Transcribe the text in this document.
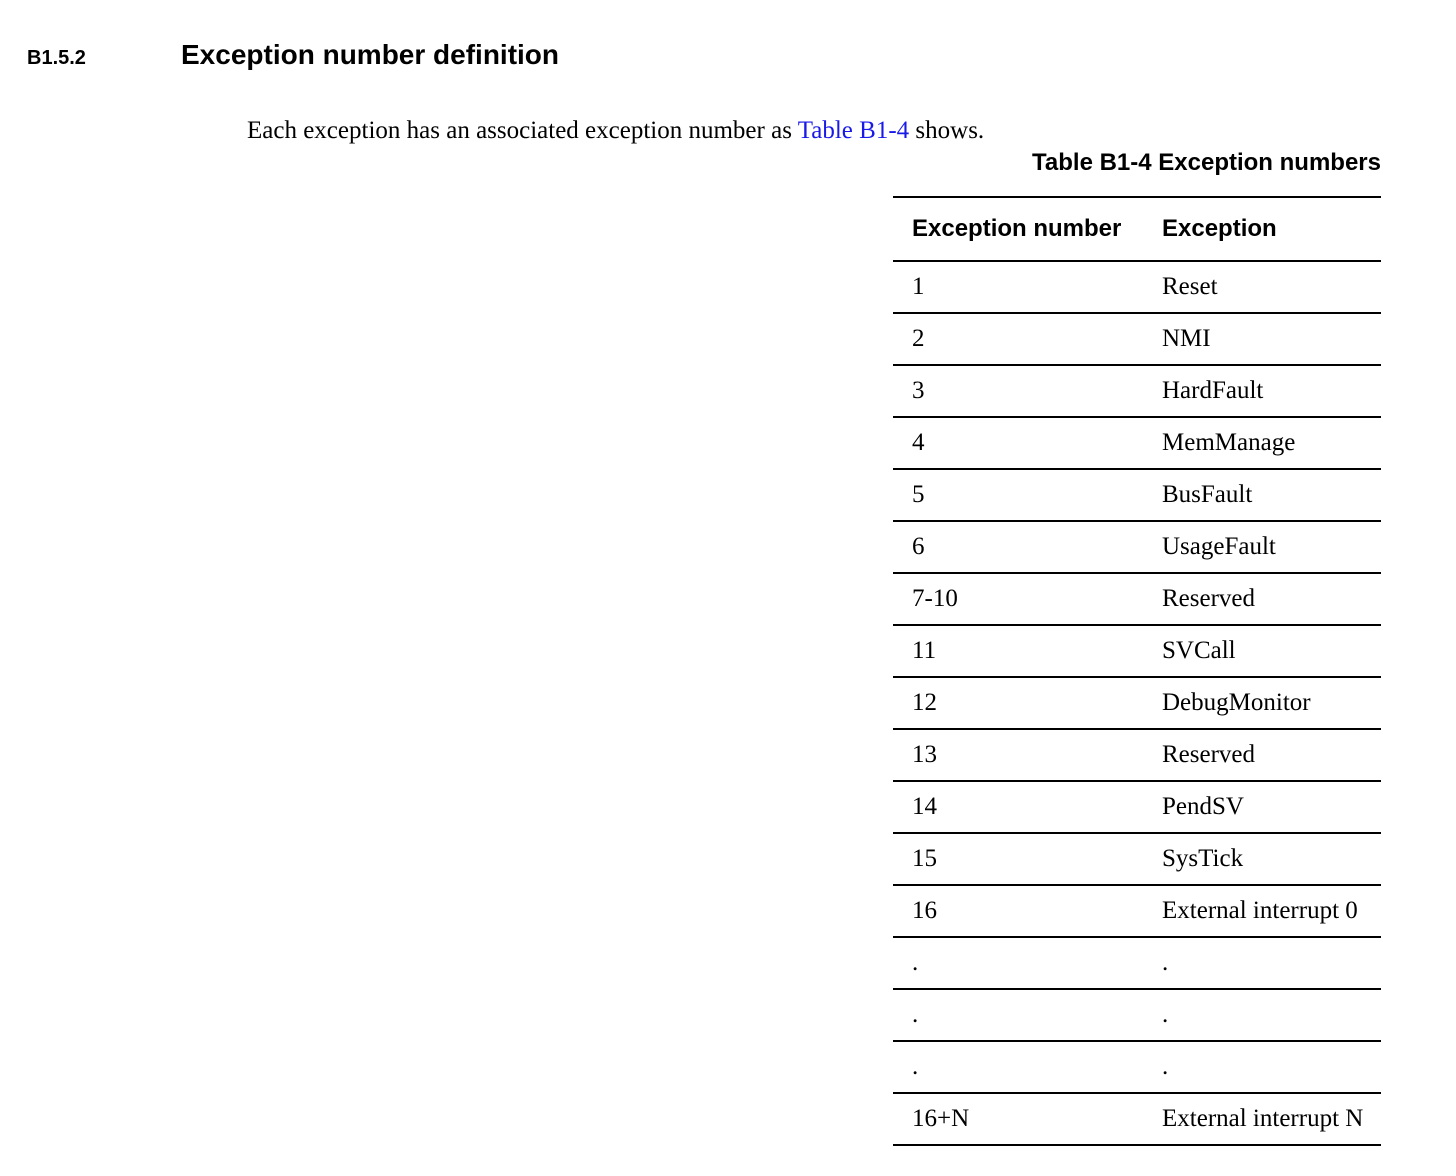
B1.5.2	Exception number definition

Each exception has an associated exception number as Table B1-4 shows.

Table B1-4 Exception numbers
Exception number	Exception
1	Reset
2	NMI
3	HardFault
4	MemManage
5	BusFault
6	UsageFault
7-10	Reserved
11	SVCall
12	DebugMonitor
13	Reserved
14	PendSV
15	SysTick
16	External interrupt 0
.	.
.	.
.	.
16+N	External interrupt N
